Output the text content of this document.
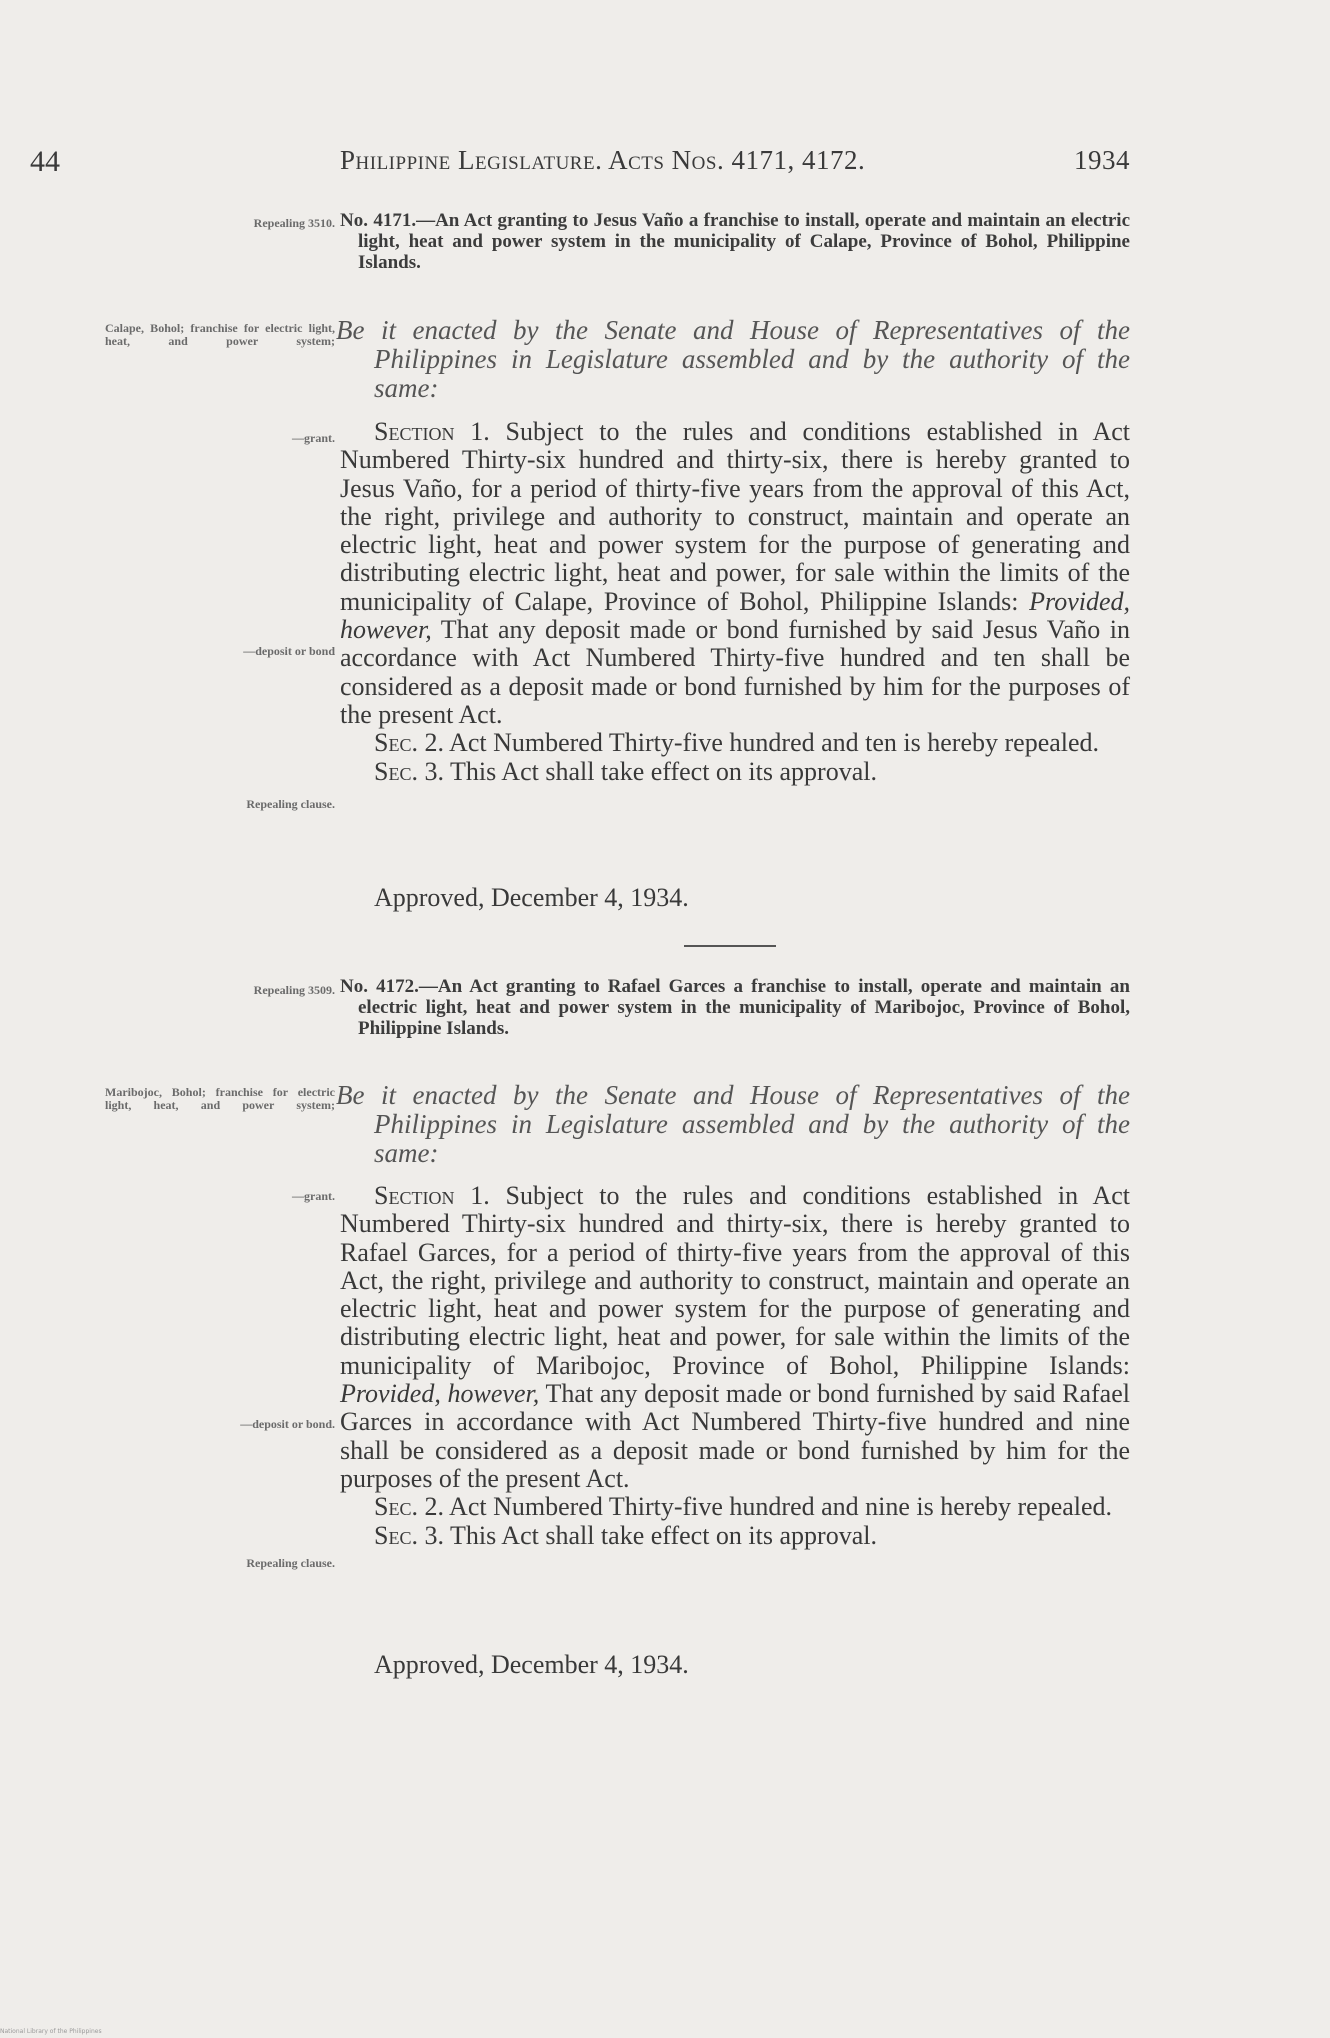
44	Philippine Legislature. Acts Nos. 4171, 4172.	1934
Repealing 3510. No. 4171.—An Act granting to Jesus Vaño a franchise to install, operate and maintain an electric light, heat and power system in the municipality of Calape, Province of Bohol, Philippine Islands.
Calape, Bohol; franchise for electric light, heat, and power system; Be it enacted by the Senate and House of Representatives of the Philippines in Legislature assembled and by the authority of the same:
—grant.
—deposit or bond
Repealing clause.

Section 1. Subject to the rules and conditions established in Act Numbered Thirty-six hundred and thirty-six, there is hereby granted to Jesus Vaño, for a period of thirty-five years from the approval of this Act, the right, privilege and authority to construct, maintain and operate an electric light, heat and power system for the purpose of generating and distributing electric light, heat and power, for sale within the limits of the municipality of Calape, Province of Bohol, Philippine Islands: Provided, however, That any deposit made or bond furnished by said Jesus Vaño in accordance with Act Numbered Thirty-five hundred and ten shall be considered as a deposit made or bond furnished by him for the purposes of the present Act.

Sec. 2. Act Numbered Thirty-five hundred and ten is hereby repealed.

Sec. 3. This Act shall take effect on its approval.

Approved, December 4, 1934.
Repealing 3509. No. 4172.—An Act granting to Rafael Garces a franchise to install, operate and maintain an electric light, heat and power system in the municipality of Maribojoc, Province of Bohol, Philippine Islands.
Maribojoc, Bohol; franchise for electric light, heat, and power system; Be it enacted by the Senate and House of Representatives of the Philippines in Legislature assembled and by the authority of the same:
—grant.
—deposit or bond.
Repealing clause.

Section 1. Subject to the rules and conditions established in Act Numbered Thirty-six hundred and thirty-six, there is hereby granted to Rafael Garces, for a period of thirty-five years from the approval of this Act, the right, privilege and authority to construct, maintain and operate an electric light, heat and power system for the purpose of generating and distributing electric light, heat and power, for sale within the limits of the municipality of Maribojoc, Province of Bohol, Philippine Islands: Provided, however, That any deposit made or bond furnished by said Rafael Garces in accordance with Act Numbered Thirty-five hundred and nine shall be considered as a deposit made or bond furnished by him for the purposes of the present Act.

Sec. 2. Act Numbered Thirty-five hundred and nine is hereby repealed.

Sec. 3. This Act shall take effect on its approval.

Approved, December 4, 1934.
National Library of the Philippines
